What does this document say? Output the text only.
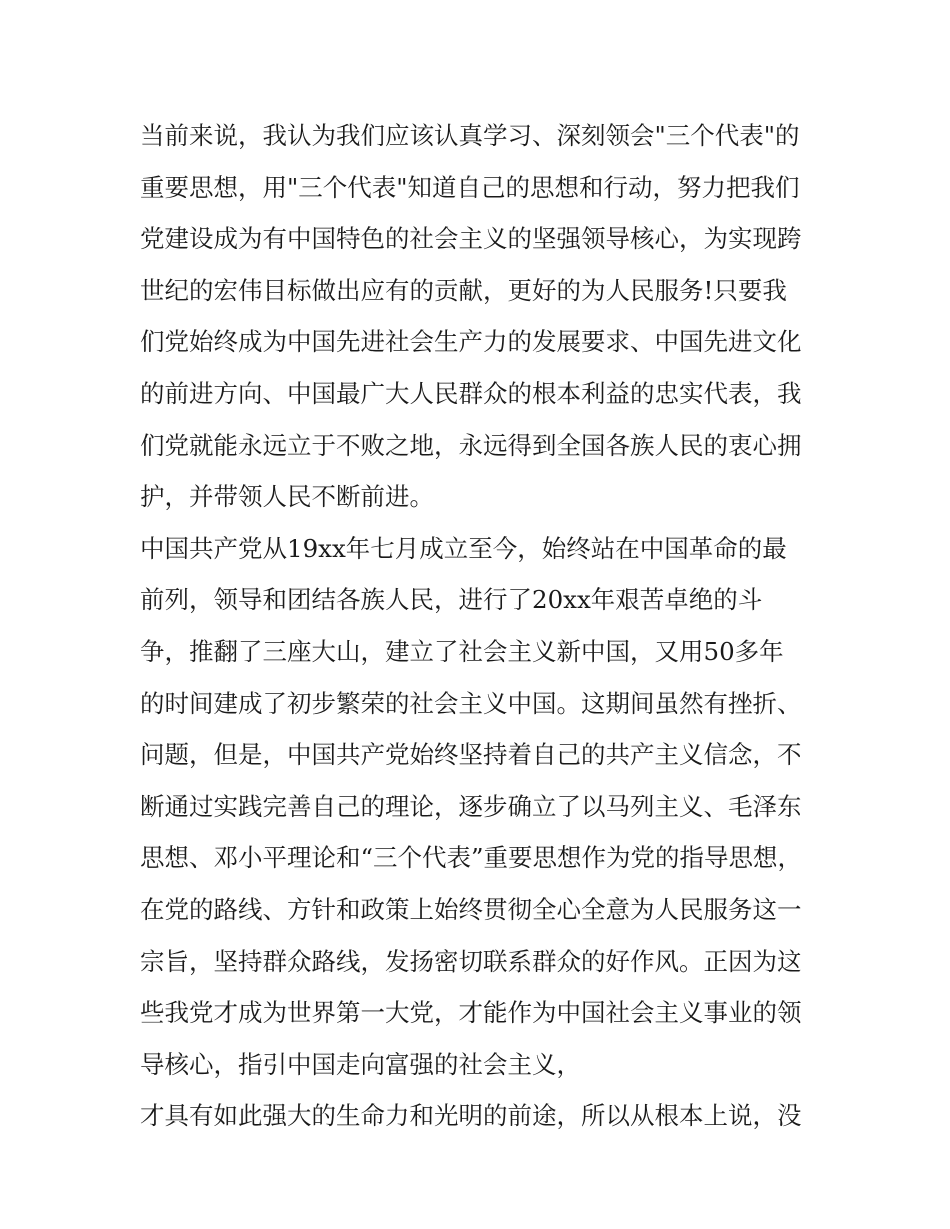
当前来说，我认为我们应该认真学习、深刻领会"三个代表"的
重要思想，用"三个代表"知道自己的思想和行动，努力把我们
党建设成为有中国特色的社会主义的坚强领导核心，为实现跨
世纪的宏伟目标做出应有的贡献，更好的为人民服务!只要我
们党始终成为中国先进社会生产力的发展要求、中国先进文化
的前进方向、中国最广大人民群众的根本利益的忠实代表，我
们党就能永远立于不败之地，永远得到全国各族人民的衷心拥
护，并带领人民不断前进。
中国共产党从19xx年七月成立至今，始终站在中国革命的最
前列，领导和团结各族人民，进行了20xx年艰苦卓绝的斗
争，推翻了三座大山，建立了社会主义新中国，又用50多年
的时间建成了初步繁荣的社会主义中国。这期间虽然有挫折、
问题，但是，中国共产党始终坚持着自己的共产主义信念，不
断通过实践完善自己的理论，逐步确立了以马列主义、毛泽东
思想、邓小平理论和“三个代表”重要思想作为党的指导思想，
在党的路线、方针和政策上始终贯彻全心全意为人民服务这一
宗旨，坚持群众路线，发扬密切联系群众的好作风。正因为这
些我党才成为世界第一大党，才能作为中国社会主义事业的领
导核心，指引中国走向富强的社会主义，
才具有如此强大的生命力和光明的前途，所以从根本上说，没
